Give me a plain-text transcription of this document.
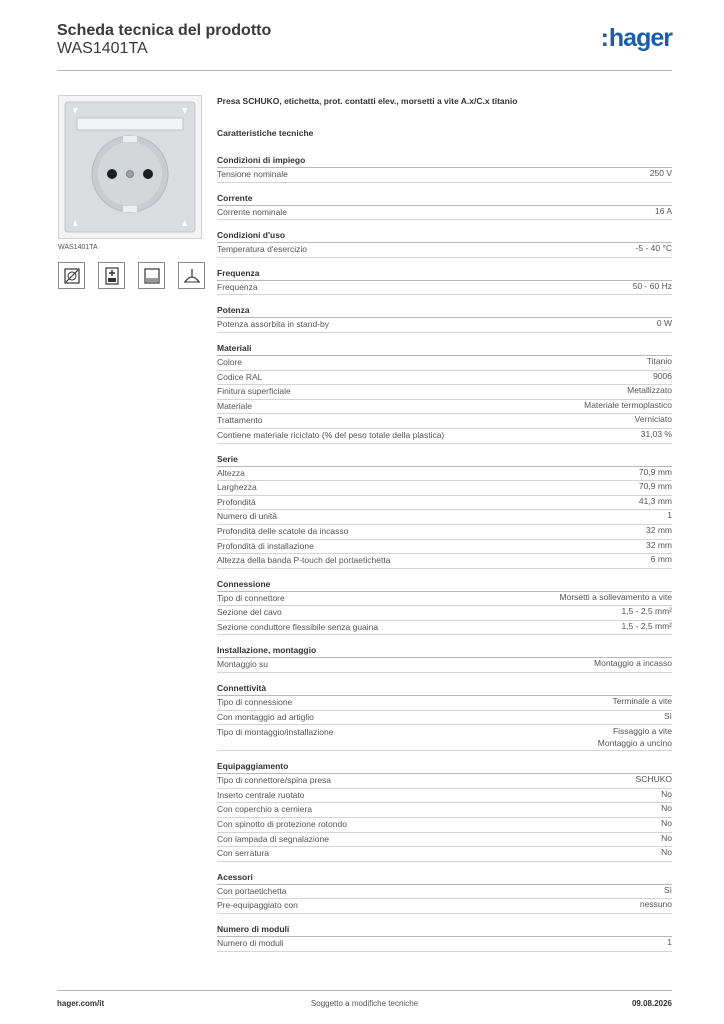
Scheda tecnica del prodotto
WAS1401TA	:hager
WAS1401TA
Presa SCHUKO, etichetta, prot. contatti elev., morsetti a vite A.x/C.x titanio
Caratteristiche tecniche
Condizioni di impiego
Tensione nominale	250 V
Corrente
Corrente nominale	16 A
Condizioni d'uso
Temperatura d'esercizio	-5 - 40 °C
Frequenza
Frequenza	50 - 60 Hz
Potenza
Potenza assorbita in stand-by	0 W
Materiali
Colore	Titanio
Codice RAL	9006
Finitura superficiale	Metallizzato
Materiale	Materiale termoplastico
Trattamento	Verniciato
Contiene materiale riciclato (% del peso totale della plastica)	31,03 %
Serie
Altezza	70,9 mm
Larghezza	70,9 mm
Profondità	41,3 mm
Numero di unità	1
Profondità delle scatole da incasso	32 mm
Profondità di installazione	32 mm
Altezza della banda P-touch del portaetichetta	6 mm
Connessione
Tipo di connettore	Morsetti a sollevamento a vite
Sezione del cavo	1,5 - 2,5 mm²
Sezione conduttore flessibile senza guaina	1,5 - 2,5 mm²
Installazione, montaggio
Montaggio su	Montaggio a incasso
Connettività
Tipo di connessione	Terminale a vite
Con montaggio ad artiglio	Sì
Tipo di montaggio/installazione	Fissaggio a vite
Montaggio a uncino
Equipaggiamento
Tipo di connettore/spina presa	SCHUKO
Inserto centrale ruotato	No
Con coperchio a cerniera	No
Con spinotto di protezione rotondo	No
Con lampada di segnalazione	No
Con serratura	No
Acessori
Con portaetichetta	Sì
Pre-equipaggiato con	nessuno
Numero di moduli
Numero di moduli	1
hager.com/it	Soggetto a modifiche tecniche	09.08.2026
